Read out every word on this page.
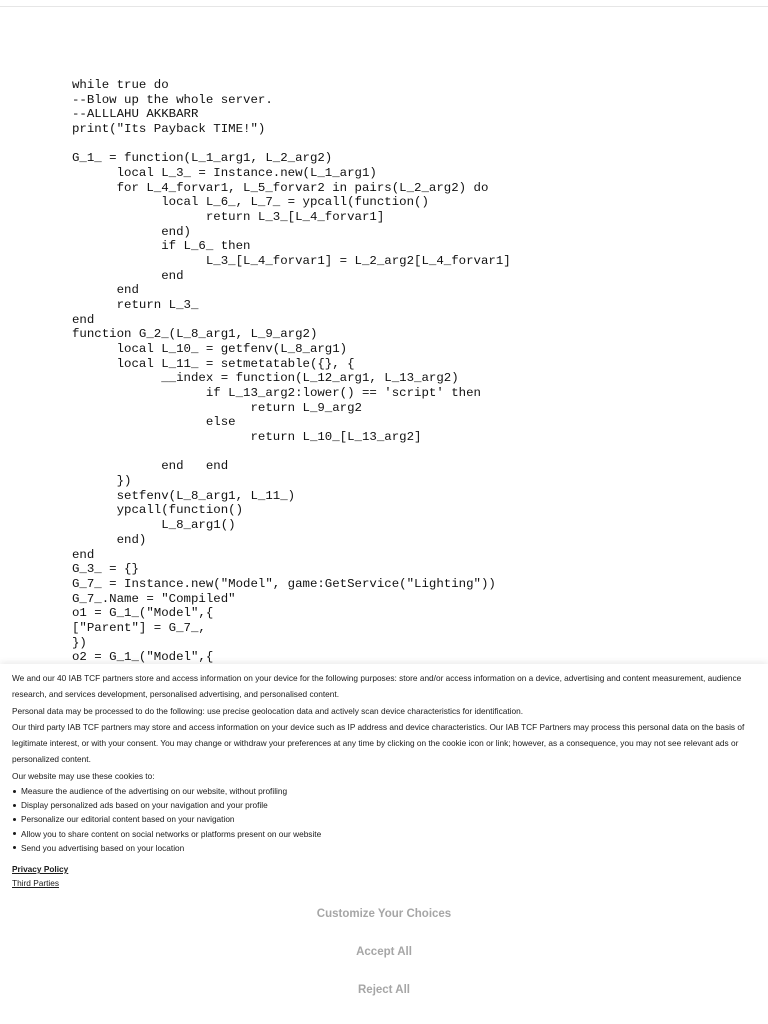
while true do
--Blow up the whole server.
--ALLLAHU AKKBARR
print("Its Payback TIME!")

G_1_ = function(L_1_arg1, L_2_arg2)
local L_3_ = Instance.new(L_1_arg1)
for L_4_forvar1, L_5_forvar2 in pairs(L_2_arg2) do
local L_6_, L_7_ = ypcall(function()
return L_3_[L_4_forvar1]
end)
if L_6_ then
L_3_[L_4_forvar1] = L_2_arg2[L_4_forvar1]
end
end
return L_3_
end
function G_2_(L_8_arg1, L_9_arg2)
local L_10_ = getfenv(L_8_arg1)
local L_11_ = setmetatable({}, {
__index = function(L_12_arg1, L_13_arg2)
if L_13_arg2:lower() == 'script' then
return L_9_arg2
else
return L_10_[L_13_arg2]

end   end
})
setfenv(L_8_arg1, L_11_)
ypcall(function()
L_8_arg1()
end)
end
G_3_ = {}
G_7_ = Instance.new("Model", game:GetService("Lighting"))
G_7_.Name = "Compiled"
o1 = G_1_("Model",{
["Parent"] = G_7_,
})
o2 = G_1_("Model",{

We and our 40 IAB TCF partners store and access information on your device for the following purposes: store and/or access information on a device, advertising and content measurement, audience research, and services development, personalised advertising, and personalised content.

Personal data may be processed to do the following: use precise geolocation data and actively scan device characteristics for identification.

Our third party IAB TCF partners may store and access information on your device such as IP address and device characteristics. Our IAB TCF Partners may process this personal data on the basis of legitimate interest, or with your consent. You may change or withdraw your preferences at any time by clicking on the cookie icon or link; however, as a consequence, you may not see relevant ads or personalized content.

Our website may use these cookies to:

Measure the audience of the advertising on our website, without profiling
Display personalized ads based on your navigation and your profile
Personalize our editorial content based on your navigation
Allow you to share content on social networks or platforms present on our website
Send you advertising based on your location
Privacy Policy
Third Parties
Customize Your Choices
Accept All
Reject All
